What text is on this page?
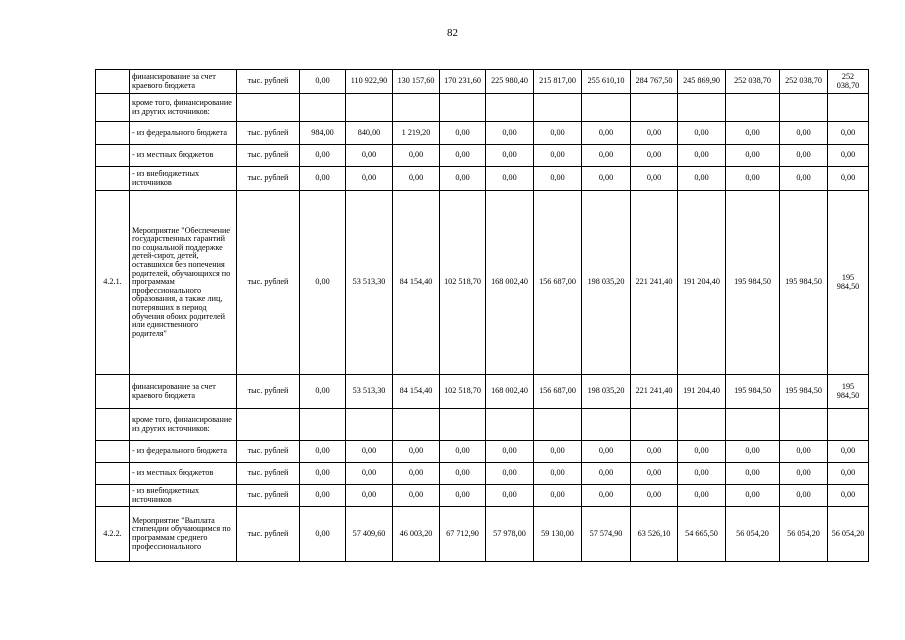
82
	финансирование за счет краевого бюджета	тыс. рублей	0,00	110 922,90	130 157,60	170 231,60	225 980,40	215 817,00	255 610,10	284 767,50	245 869,90	252 038,70	252 038,70	252 038,70
	кроме того, финансирование из других источников:													
	- из федерального бюджета	тыс. рублей	984,00	840,00	1 219,20	0,00	0,00	0,00	0,00	0,00	0,00	0,00	0,00	0,00
	- из местных бюджетов	тыс. рублей	0,00	0,00	0,00	0,00	0,00	0,00	0,00	0,00	0,00	0,00	0,00	0,00
	- из внебюджетных источников	тыс. рублей	0,00	0,00	0,00	0,00	0,00	0,00	0,00	0,00	0,00	0,00	0,00	0,00
4.2.1.	Мероприятие "Обеспечение государственных гарантий по социальной поддержке детей-сирот, детей, оставшихся без попечения родителей, обучающихся по программам профессионального образования, а также лиц, потерявших в период обучения обоих родителей или единственного родителя"	тыс. рублей	0,00	53 513,30	84 154,40	102 518,70	168 002,40	156 687,00	198 035,20	221 241,40	191 204,40	195 984,50	195 984,50	195 984,50
	финансирование за счет краевого бюджета	тыс. рублей	0,00	53 513,30	84 154,40	102 518,70	168 002,40	156 687,00	198 035,20	221 241,40	191 204,40	195 984,50	195 984,50	195 984,50
	кроме того, финансирование из других источников:													
	- из федерального бюджета	тыс. рублей	0,00	0,00	0,00	0,00	0,00	0,00	0,00	0,00	0,00	0,00	0,00	0,00
	- из местных бюджетов	тыс. рублей	0,00	0,00	0,00	0,00	0,00	0,00	0,00	0,00	0,00	0,00	0,00	0,00
	- из внебюджетных источников	тыс. рублей	0,00	0,00	0,00	0,00	0,00	0,00	0,00	0,00	0,00	0,00	0,00	0,00
4.2.2.	Мероприятие "Выплата стипендии обучающимся по программам среднего профессионального	тыс. рублей	0,00	57 409,60	46 003,20	67 712,90	57 978,00	59 130,00	57 574,90	63 526,10	54 665,50	56 054,20	56 054,20	56 054,20
